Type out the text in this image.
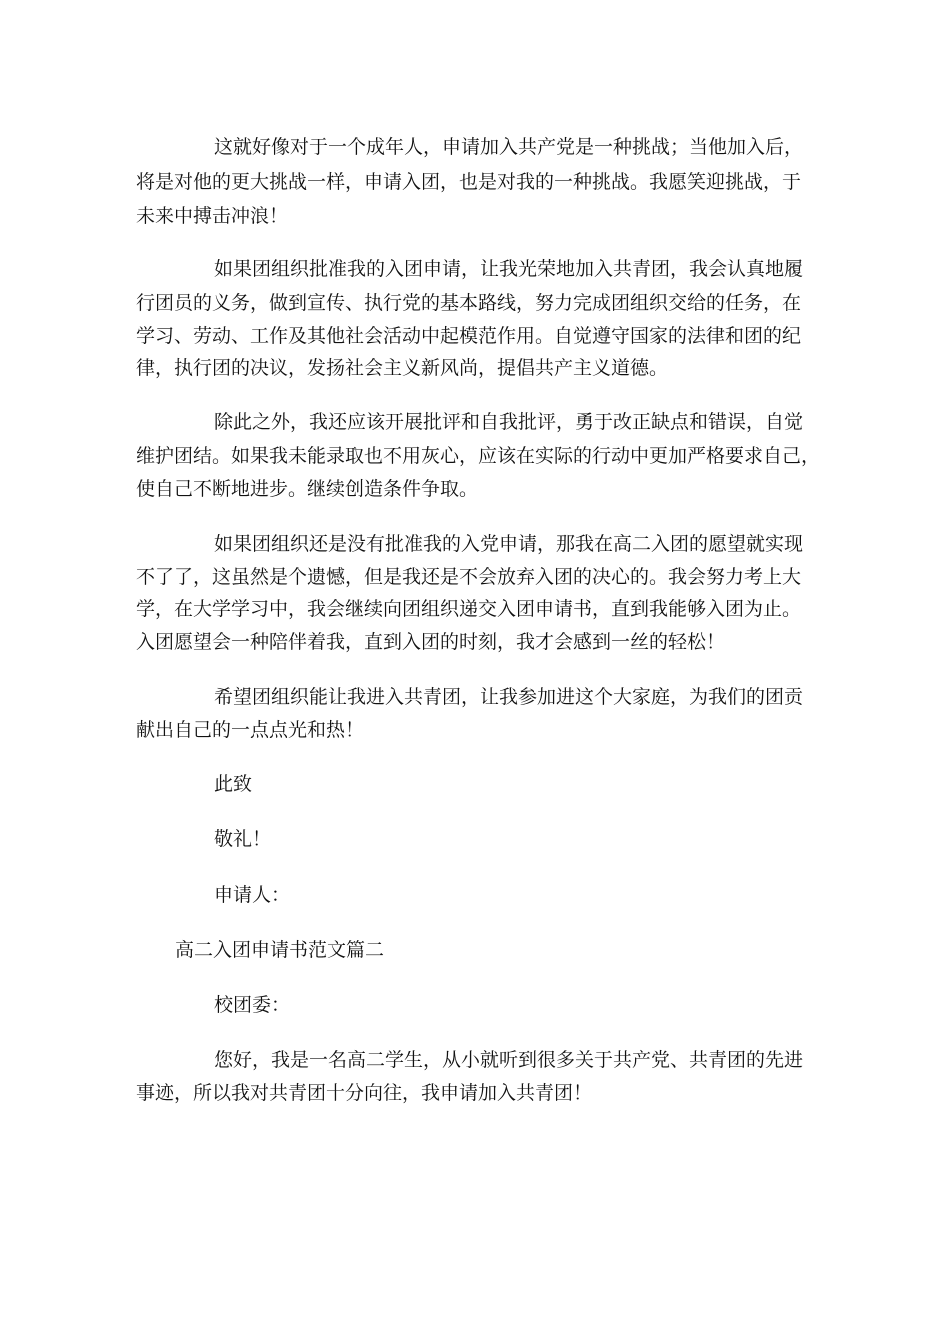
这就好像对于一个成年人，申请加入共产党是一种挑战；当他加入后，

将是对他的更大挑战一样，申请入团，也是对我的一种挑战。我愿笑迎挑战，于

未来中搏击冲浪！

如果团组织批准我的入团申请，让我光荣地加入共青团，我会认真地履

行团员的义务，做到宣传、执行党的基本路线，努力完成团组织交给的任务，在

学习、劳动、工作及其他社会活动中起模范作用。自觉遵守国家的法律和团的纪

律，执行团的决议，发扬社会主义新风尚，提倡共产主义道德。

除此之外，我还应该开展批评和自我批评，勇于改正缺点和错误，自觉

维护团结。如果我未能录取也不用灰心，应该在实际的行动中更加严格要求自己，

使自己不断地进步。继续创造条件争取。

如果团组织还是没有批准我的入党申请，那我在高二入团的愿望就实现

不了了，这虽然是个遗憾，但是我还是不会放弃入团的决心的。我会努力考上大

学，在大学学习中，我会继续向团组织递交入团申请书，直到我能够入团为止。

入团愿望会一种陪伴着我，直到入团的时刻，我才会感到一丝的轻松！

希望团组织能让我进入共青团，让我参加进这个大家庭，为我们的团贡

献出自己的一点点光和热！

此致

敬礼！

申请人：

高二入团申请书范文篇二

校团委：

您好，我是一名高二学生，从小就听到很多关于共产党、共青团的先进

事迹，所以我对共青团十分向往，我申请加入共青团！
